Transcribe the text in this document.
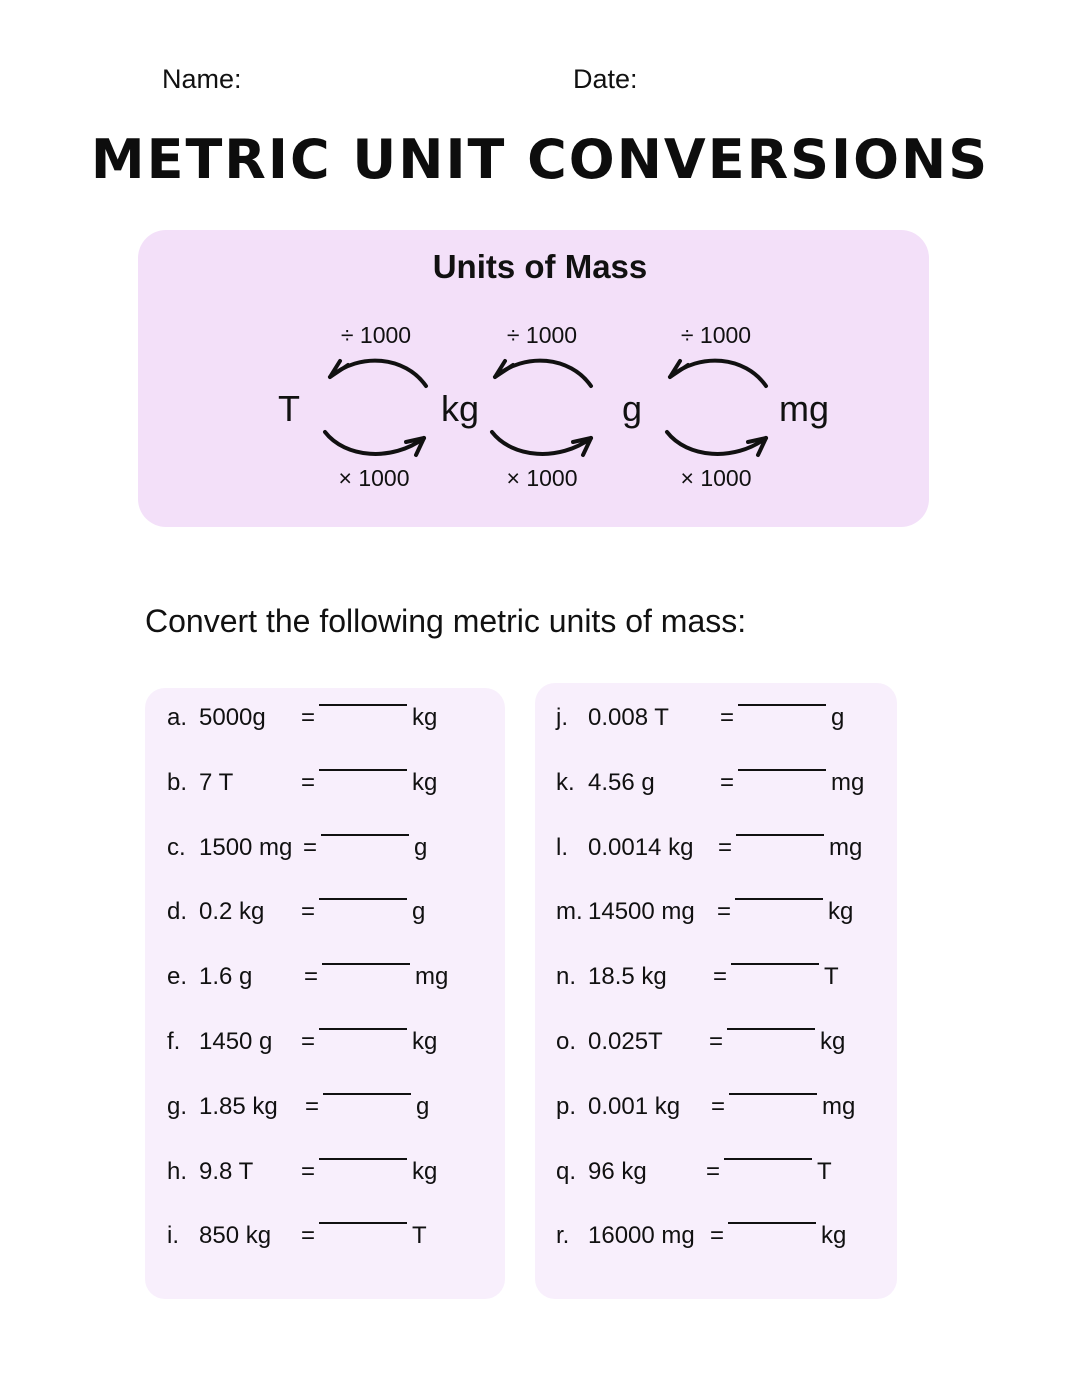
Name:	Date:
METRIC UNIT CONVERSIONS
Units of Mass
T	kg	g	mg
÷ 1000	÷ 1000	÷ 1000
× 1000	× 1000	× 1000
Convert the following metric units of mass:
a. 5000g =	kg
b. 7 T	=	kg
c. 1500 mg =	g
d. 0.2 kg =	g
e. 1.6 g =	mg
f. 1450 g =	kg
g. 1.85 kg =	g
h. 9.8 T =	kg
i. 850 kg =	T
j. 0.008 T =	g
k. 4.56 g	=	mg
l. 0.0014 kg =	mg
m. 14500 mg =	kg
n. 18.5 kg =	T
o. 0.025T =	kg
p. 0.001 kg =	mg
q. 96 kg =	T
r. 16000 mg =	kg
